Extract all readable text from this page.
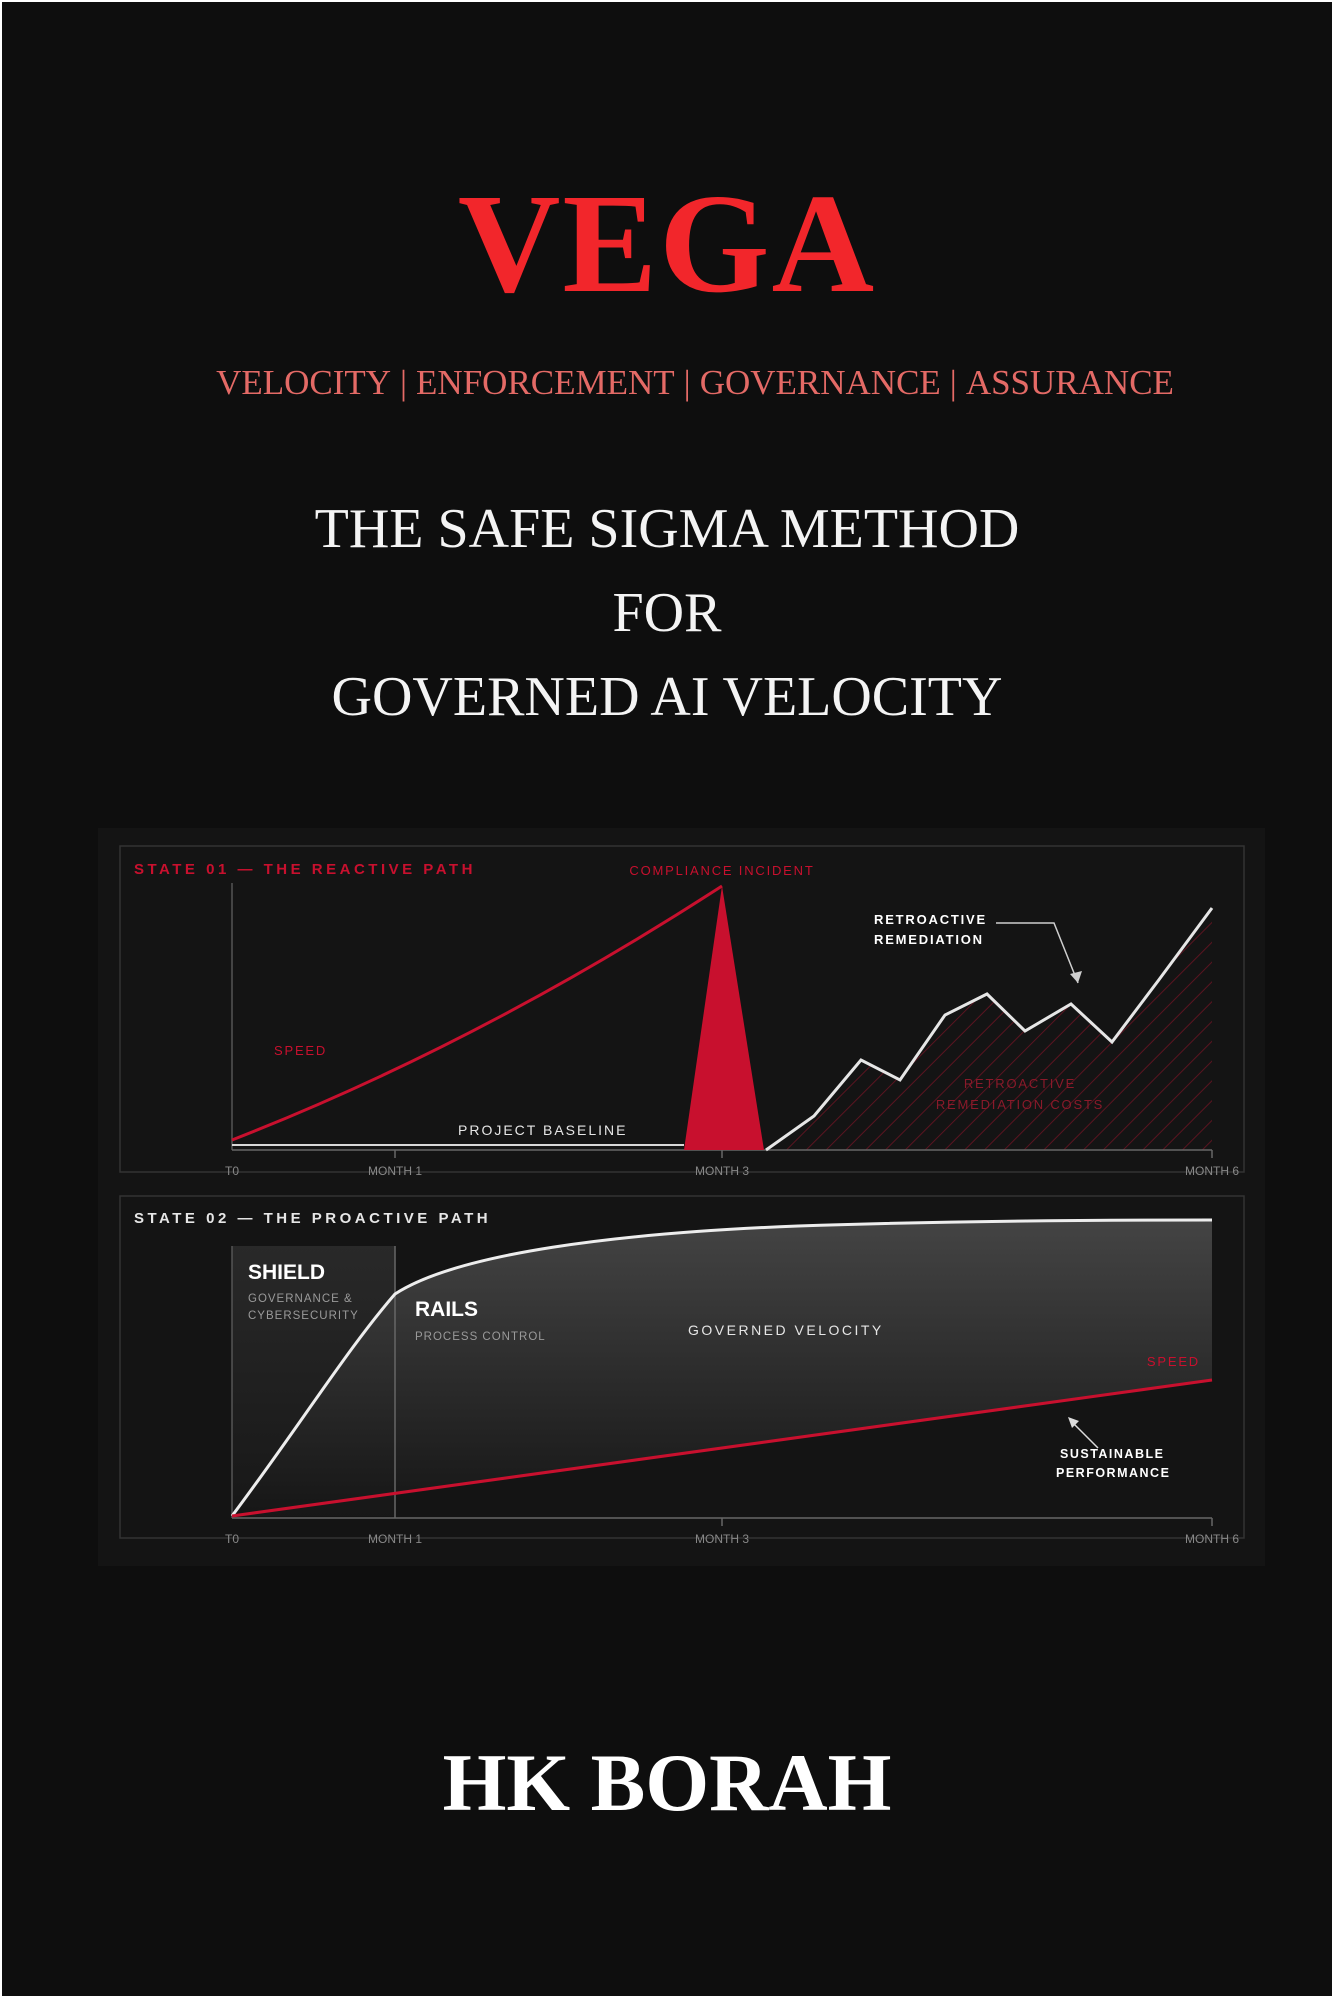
VEGA
VELOCITY | ENFORCEMENT | GOVERNANCE | ASSURANCE
THE SAFE SIGMA METHOD
FOR
GOVERNED AI VELOCITY
STATE 01 — THE REACTIVE PATH	COMPLIANCE INCIDENT
SPEED
PROJECT BASELINE
RETROACTIVE
REMEDIATION
RETROACTIVE
REMEDIATION COSTS
T0	MONTH 1	MONTH 3	MONTH 6
STATE 02 — THE PROACTIVE PATH
SHIELD
GOVERNANCE &
CYBERSECURITY	RAILS
PROCESS CONTROL	GOVERNED VELOCITY
SPEED
SUSTAINABLE
PERFORMANCE
T0	MONTH 1	MONTH 3	MONTH 6
HK BORAH
